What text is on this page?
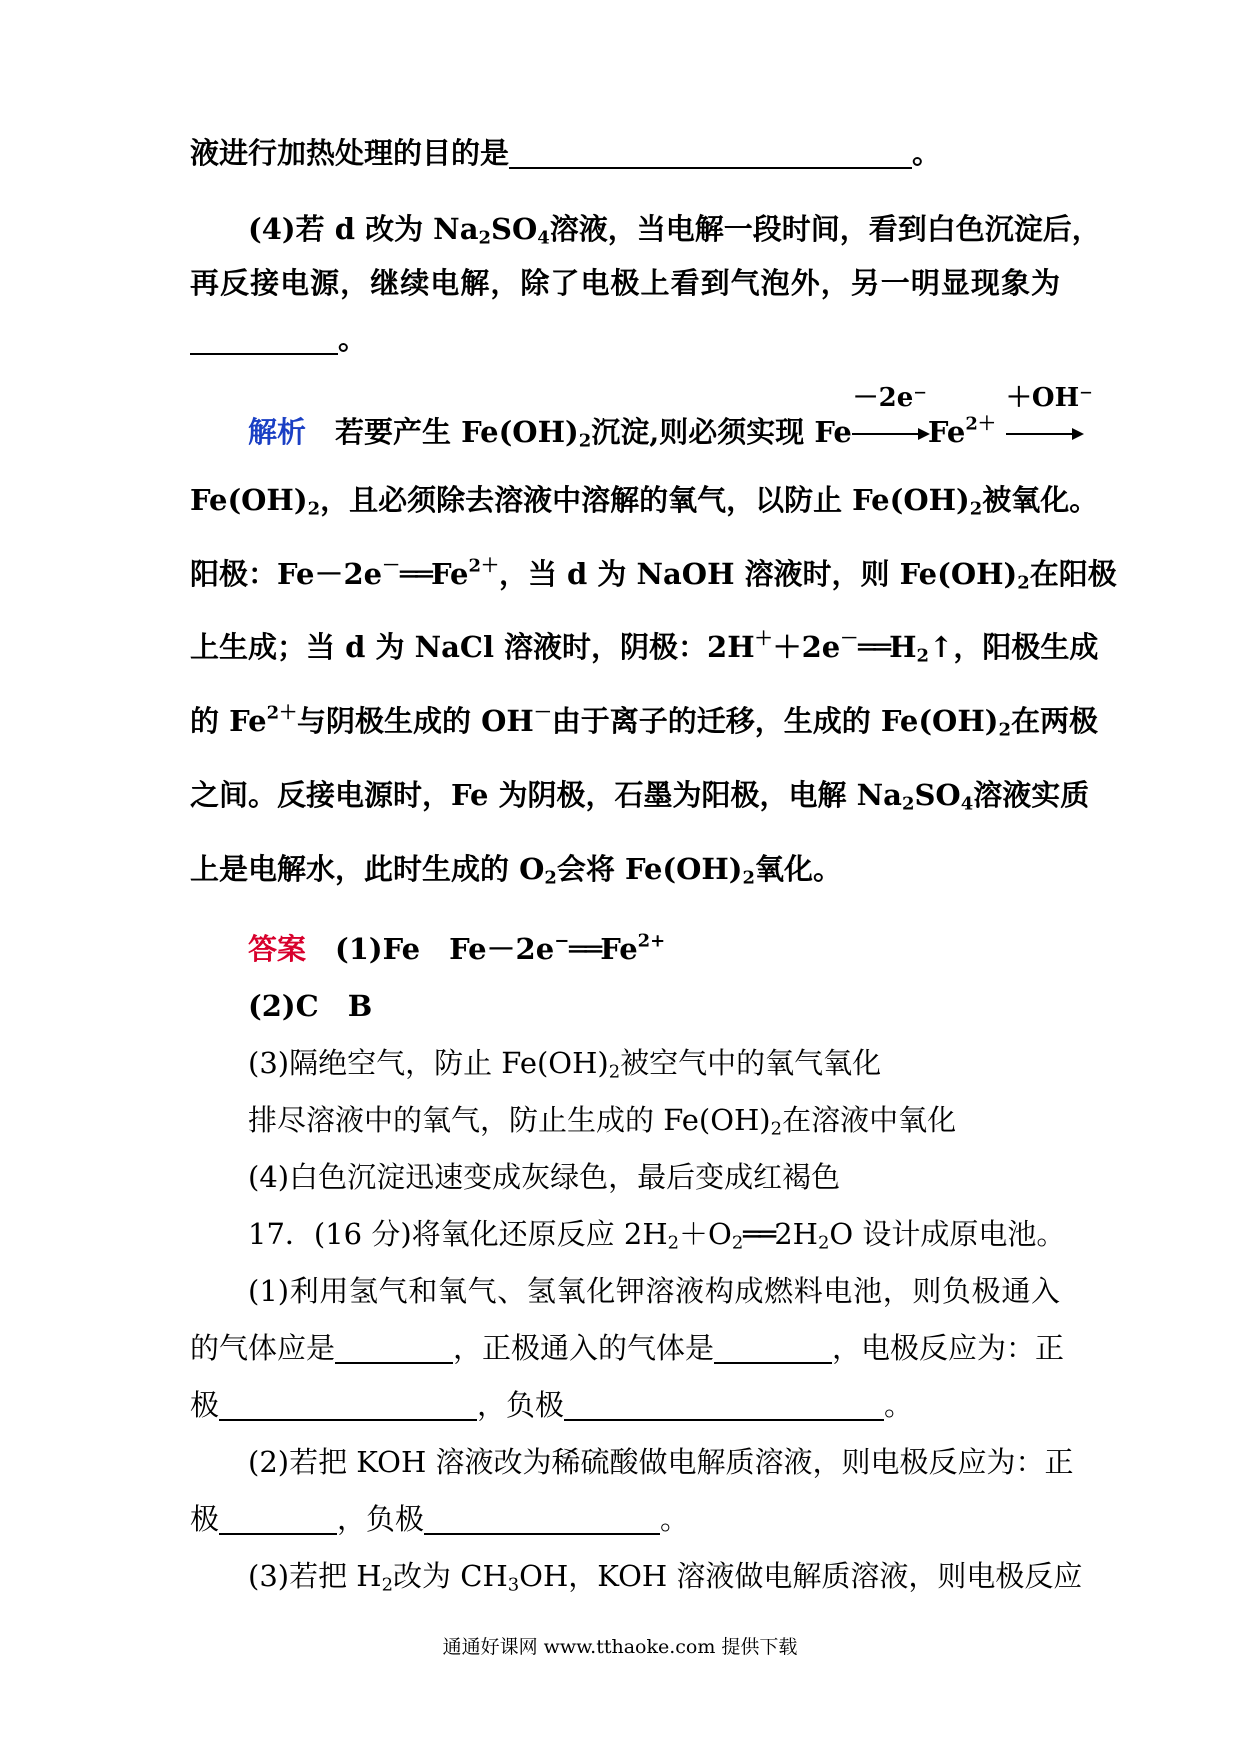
液进行加热处理的目的是	。
(4)若 d 改为 $Na_2SO_4$溶液，当电解一段时间，看到白色沉淀后，
再反接电源，继续电解，除了电极上看到气泡外，另一明显现象为
。
解析　 若要产生 $Fe(OH)_2$沉淀,则必须实现 Fe
－2e⁻
$Fe^{2+}$
＋OH⁻
$Fe(OH)_2$，且必须除去溶液中溶解的氧气，以防止 $Fe(OH)_2$被氧化。
阳极：$Fe-2e^-══Fe^{2+}$，当 d 为 NaOH 溶液时，则 $Fe(OH)_2$在阳极
上生成；当 d 为 NaCl 溶液时，阴极：$2H^++2e^-══H_2↑$，阳极生成
的 $Fe^{2+}$与阴极生成的 OH－由于离子的迁移，生成的 $Fe(OH)_2$在两极
之间。反接电源时，Fe 为阴极，石墨为阳极，电解 $Na_2SO_4$溶液实质
上是电解水，此时生成的 $O_2$会将 $Fe(OH)_2$氧化。
答案　 (1)Fe　$Fe-2e^-══Fe^{2+}$
(2)C　B
(3)隔绝空气，防止 $Fe(OH)_2$被空气中的氧气氧化
排尽溶液中的氧气，防止生成的 $Fe(OH)_2$在溶液中氧化
(4)白色沉淀迅速变成灰绿色，最后变成红褐色
17．(16 分)将氧化还原反应 $2H_2+O_2══2H_2O$ 设计成原电池。
(1)利用氢气和氧气、氢氧化钾溶液构成燃料电池，则负极通入
的气体应是	，正极通入的气体是	，电极反应为：正
极	，负极	。
(2)若把 KOH 溶液改为稀硫酸做电解质溶液，则电极反应为：正
极	，负极	。
(3)若把 $H_2$改为 $CH_3OH$，KOH 溶液做电解质溶液，则电极反应
通通好课网 www.tthaoke.com 提供下载
